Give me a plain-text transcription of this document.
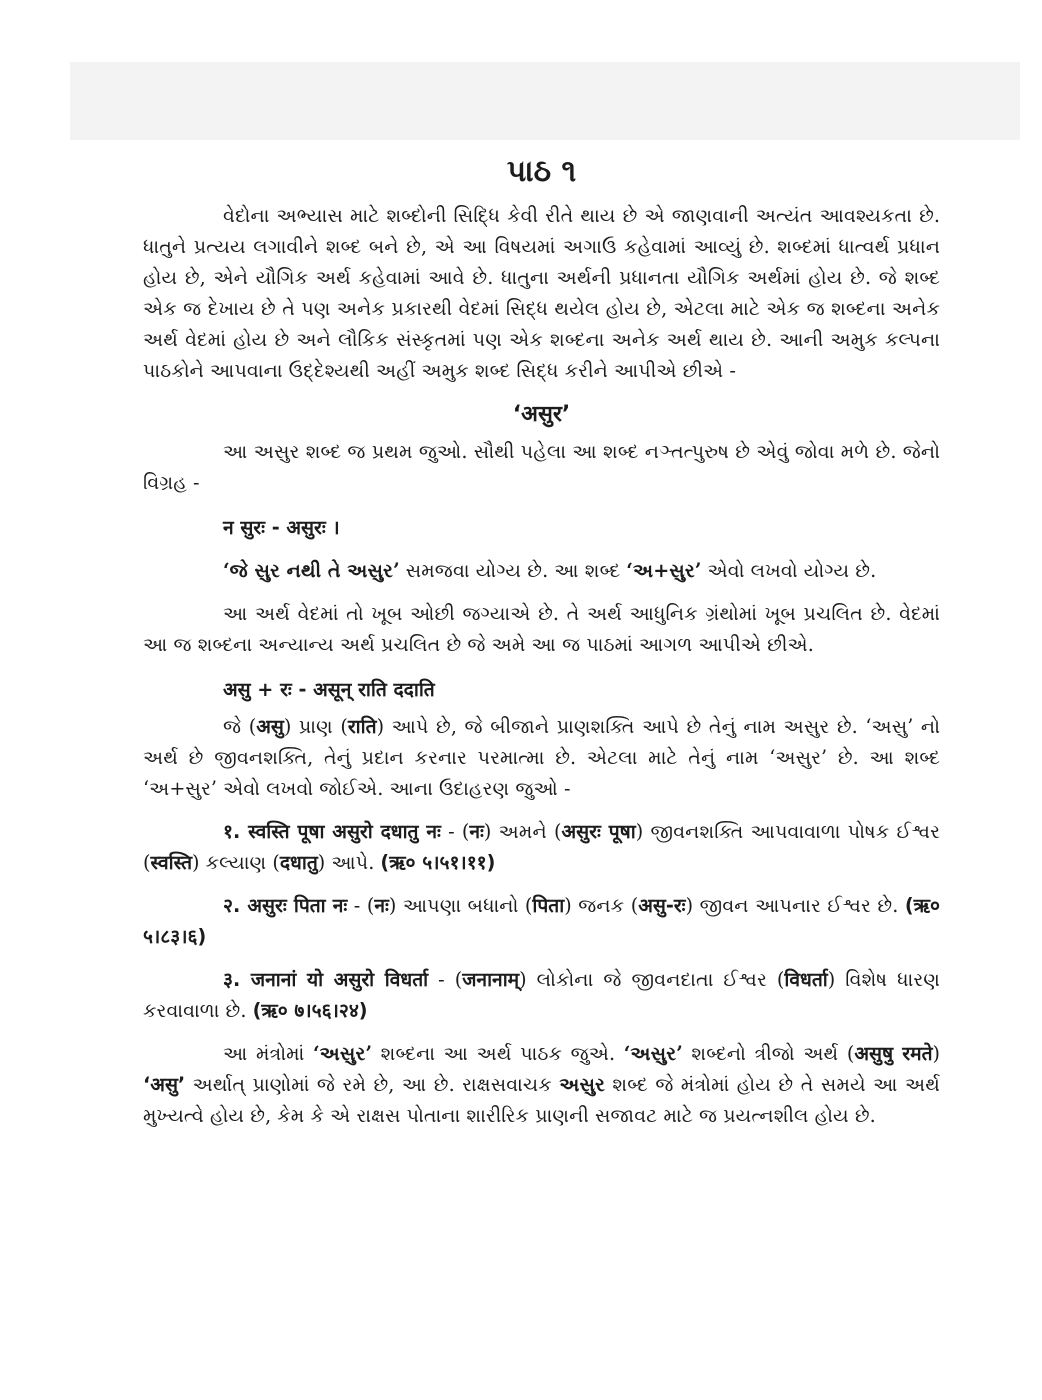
પાઠ ૧

વેદોના અભ્યાસ માટે શબ્દોની સિદ્ધિ કેવી રીતે થાય છે એ જાણવાની અત્યંત આવશ્યકતા છે. ધાતુને પ્રત્યય લગાવીને શબ્દ બને છે, એ આ વિષયમાં અગાઉ કહેવામાં આવ્યું છે. શબ્દમાં ધાત્વર્થ પ્રધાન હોય છે, એને યૌગિક અર્થ કહેવામાં આવે છે. ધાતુના અર્થની પ્રધાનતા યૌગિક અર્થમાં હોય છે. જે શબ્દ એક જ દેખાય છે તે પણ અનેક પ્રકારથી વેદમાં સિદ્ધ થયેલ હોય છે, એટલા માટે એક જ શબ્દના અનેક અર્થ વેદમાં હોય છે અને લૌકિક સંસ્કૃતમાં પણ એક શબ્દના અનેક અર્થ થાય છે. આની અમુક કલ્પના પાઠકોને આપવાના ઉદ્દેશ્યથી અહીં અમુક શબ્દ સિદ્ધ કરીને આપીએ છીએ -

‘असुर’

આ અસુર શબ્દ જ પ્રથમ જુઓ. સૌથી પહેલા આ શબ્દ નઞ્તત્પુરુષ છે એવું જોવા મળે છે. જેનો વિગ્રહ -

न सुरः - असुरः ।

‘જે સુર નથી તે અસુર’ સમજવા યોગ્ય છે. આ શબ્દ ‘અ+સુર’ એવો લખવો યોગ્ય છે.

આ અર્થ વેદમાં તો ખૂબ ઓછી જગ્યાએ છે. તે અર્થ આધુનિક ગ્રંથોમાં ખૂબ પ્રચલિત છે. વેદમાં આ જ શબ્દના અન્યાન્ય અર્થ પ્રચલિત છે જે અમે આ જ પાઠમાં આગળ આપીએ છીએ.

असु + रः - असून् राति ददाति

જે (असु) પ્રાણ (राति) આપે છે, જે બીજાને પ્રાણશક્તિ આપે છે તેનું નામ અસુર છે. ‘અસુ’ નો અર્થ છે જીવનશક્તિ, તેનું પ્રદાન કરનાર પરમાત્મા છે. એટલા માટે તેનું નામ ‘અસુર’ છે. આ શબ્દ ‘અ+સુર’ એવો લખવો જોઈએ. આના ઉદાહરણ જુઓ -

१. स्वस्ति पूषा असुरो दधातु नः - (नः) અમને (असुरः पूषा) જીવનશક્તિ આપવાવાળા પોષક ઈશ્વર (स्वस्ति) કલ્યાણ (दधातु) આપે. (ऋ० ५।५१।११)

२. असुरः पिता नः - (नः) આપણા બધાનો (पिता) જનક (असु-रः) જીવન આપનાર ઈશ્વર છે. (ऋ० ५।८३।६)

३. जनानां यो असुरो विधर्ता - (जनानाम्) લોકોના જે જીવનદાતા ઈશ્વર (विधर्ता) વિશેષ ધારણ કરવાવાળા છે. (ऋ० ७।५६।२४)

આ મંત્રોમાં ‘અસુર’ શબ્દના આ અર્થ પાઠક જુએ. ‘અસુર’ શબ્દનો ત્રીજો અર્થ (असुषु रमते) ‘असु’ અર્થાત્ પ્રાણોમાં જે રમે છે, આ છે. રાક્ષસવાચક અસુર શબ્દ જે મંત્રોમાં હોય છે તે સમયે આ અર્થ મુખ્યત્વે હોય છે, કેમ કે એ રાક્ષસ પોતાના શારીરિક પ્રાણની સજાવટ માટે જ પ્રયત્નશીલ હોય છે.
